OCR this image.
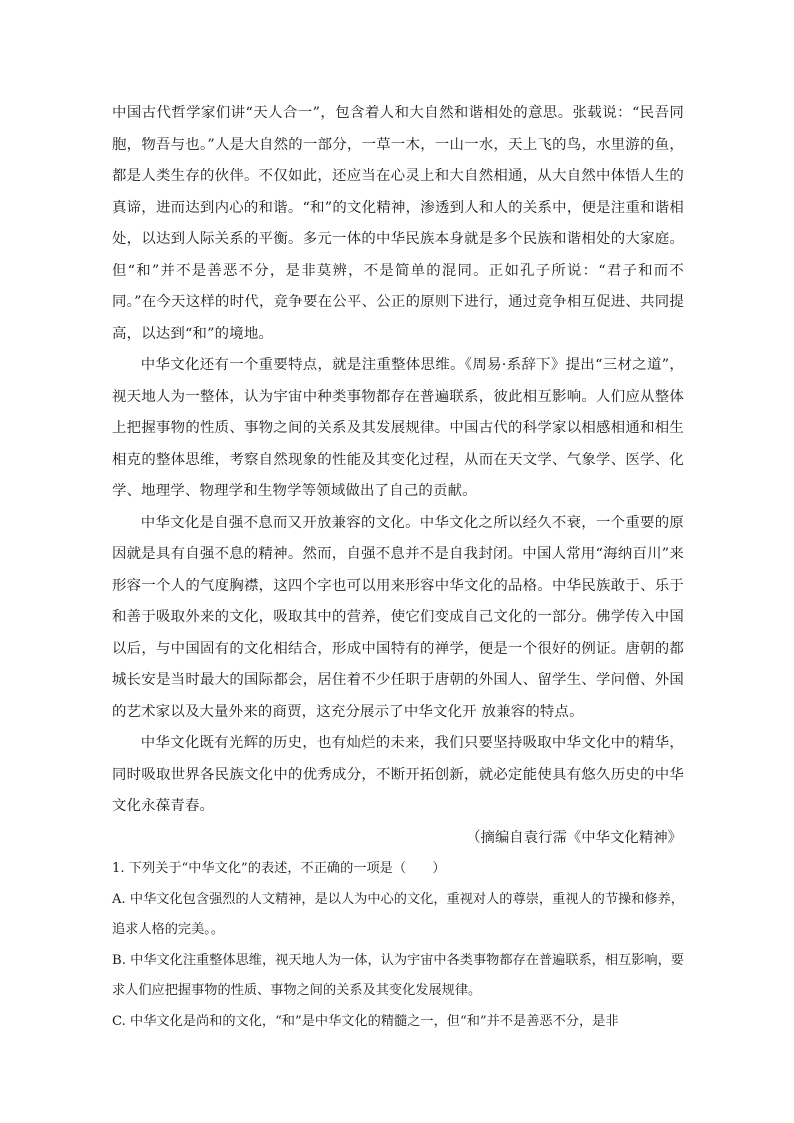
中国古代哲学家们讲“天人合一”，包含着人和大自然和谐相处的意思。张载说：“民吾同胞，物吾与也。”人是大自然的一部分，一草一木，一山一水，天上飞的鸟，水里游的鱼，都是人类生存的伙伴。不仅如此，还应当在心灵上和大自然相通，从大自然中体悟人生的真谛，进而达到内心的和谐。“和”的文化精神，渗透到人和人的关系中，便是注重和谐相处，以达到人际关系的平衡。多元一体的中华民族本身就是多个民族和谐相处的大家庭。但“和”并不是善恶不分，是非莫辨，不是简单的混同。正如孔子所说：“君子和而不同。”在今天这样的时代，竞争要在公平、公正的原则下进行，通过竞争相互促进、共同提高，以达到“和”的境地。

中华文化还有一个重要特点，就是注重整体思维。《周易·系辞下》提出“三材之道”，视天地人为一整体，认为宇宙中种类事物都存在普遍联系，彼此相互影响。人们应从整体上把握事物的性质、事物之间的关系及其发展规律。中国古代的科学家以相感相通和相生相克的整体思维，考察自然现象的性能及其变化过程，从而在天文学、气象学、医学、化学、地理学、物理学和生物学等领域做出了自己的贡献。

中华文化是自强不息而又开放兼容的文化。中华文化之所以经久不衰，一个重要的原因就是具有自强不息的精神。然而，自强不息并不是自我封闭。中国人常用“海纳百川”来形容一个人的气度胸襟，这四个字也可以用来形容中华文化的品格。中华民族敢于、乐于和善于吸取外来的文化，吸取其中的营养，使它们变成自己文化的一部分。佛学传入中国以后，与中国固有的文化相结合，形成中国特有的禅学，便是一个很好的例证。唐朝的都城长安是当时最大的国际都会，居住着不少任职于唐朝的外国人、留学生、学问僧、外国的艺术家以及大量外来的商贾，这充分展示了中华文化开 放兼容的特点。

中华文化既有光辉的历史，也有灿烂的未来，我们只要坚持吸取中华文化中的精华，同时吸取世界各民族文化中的优秀成分，不断开拓创新，就必定能使具有悠久历史的中华文化永葆青春。

（摘编自袁行霈《中华文化精神》

1. 下列关于“中华文化”的表述，不正确的一项是（　　）

A. 中华文化包含强烈的人文精神，是以人为中心的文化，重视对人的尊崇，重视人的节操和修养，追求人格的完美。。

B. 中华文化注重整体思维，视天地人为一体，认为宇宙中各类事物都存在普遍联系，相互影响，要求人们应把握事物的性质、事物之间的关系及其变化发展规律。

C. 中华文化是尚和的文化，“和”是中华文化的精髓之一，但“和”并不是善恶不分，是非
